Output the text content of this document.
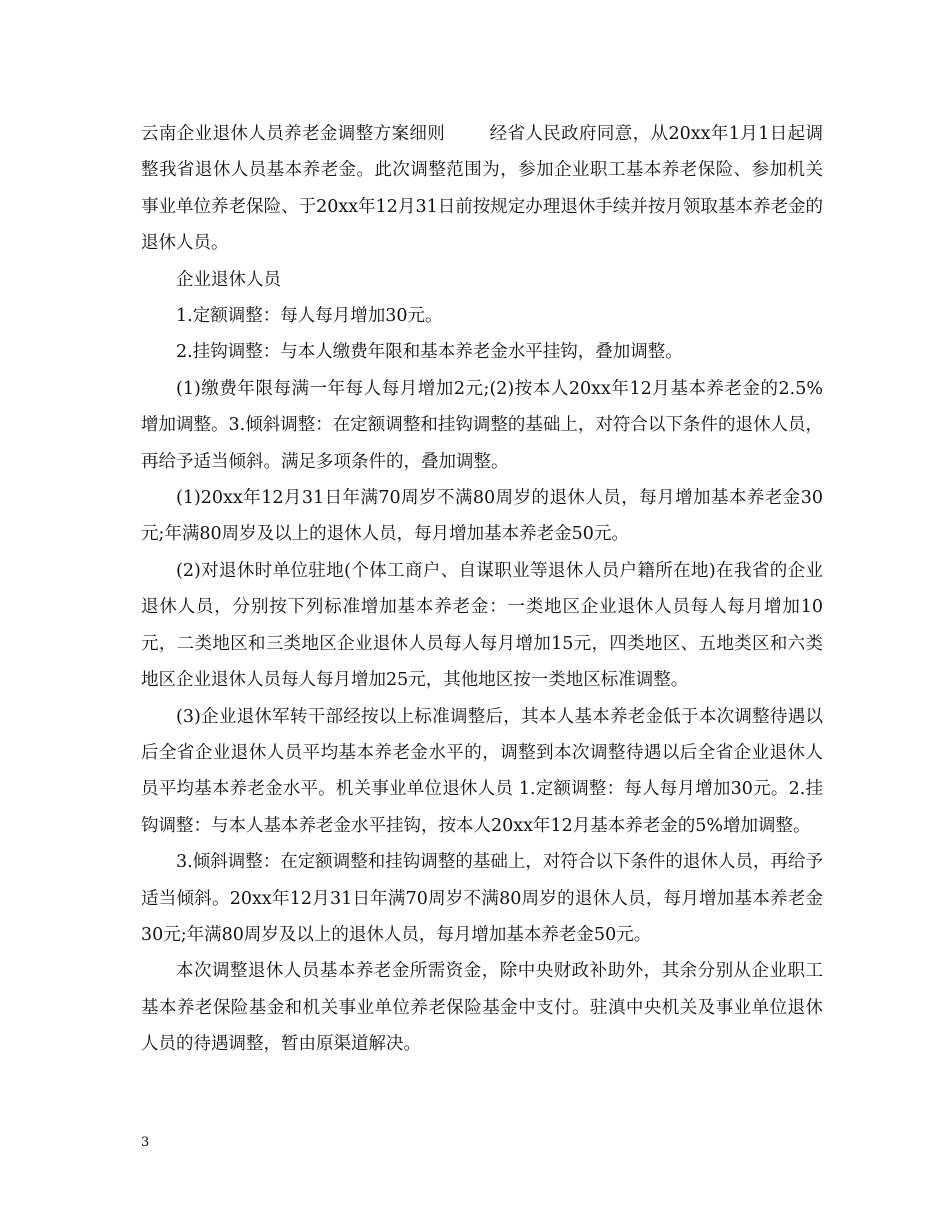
云南企业退休人员养老金调整方案细则	经省人民政府同意，从20xx年1月1日起调整我省退休人员基本养老金。此次调整范围为，参加企业职工基本养老保险、参加机关事业单位养老保险、于20xx年12月31日前按规定办理退休手续并按月领取基本养老金的退休人员。

企业退休人员

1.定额调整：每人每月增加30元。

2.挂钩调整：与本人缴费年限和基本养老金水平挂钩，叠加调整。

(1)缴费年限每满一年每人每月增加2元;(2)按本人20xx年12月基本养老金的2.5%增加调整。3.倾斜调整：在定额调整和挂钩调整的基础上，对符合以下条件的退休人员，再给予适当倾斜。满足多项条件的，叠加调整。

(1)20xx年12月31日年满70周岁不满80周岁的退休人员，每月增加基本养老金30元;年满80周岁及以上的退休人员，每月增加基本养老金50元。

(2)对退休时单位驻地(个体工商户、自谋职业等退休人员户籍所在地)在我省的企业退休人员，分别按下列标准增加基本养老金：一类地区企业退休人员每人每月增加10元，二类地区和三类地区企业退休人员每人每月增加15元，四类地区、五地类区和六类地区企业退休人员每人每月增加25元，其他地区按一类地区标准调整。

(3)企业退休军转干部经按以上标准调整后，其本人基本养老金低于本次调整待遇以后全省企业退休人员平均基本养老金水平的，调整到本次调整待遇以后全省企业退休人员平均基本养老金水平。机关事业单位退休人员 1.定额调整：每人每月增加30元。2.挂钩调整：与本人基本养老金水平挂钩，按本人20xx年12月基本养老金的5%增加调整。

3.倾斜调整：在定额调整和挂钩调整的基础上，对符合以下条件的退休人员，再给予适当倾斜。20xx年12月31日年满70周岁不满80周岁的退休人员，每月增加基本养老金30元;年满80周岁及以上的退休人员，每月增加基本养老金50元。

本次调整退休人员基本养老金所需资金，除中央财政补助外，其余分别从企业职工基本养老保险基金和机关事业单位养老保险基金中支付。驻滇中央机关及事业单位退休人员的待遇调整，暂由原渠道解决。

3
